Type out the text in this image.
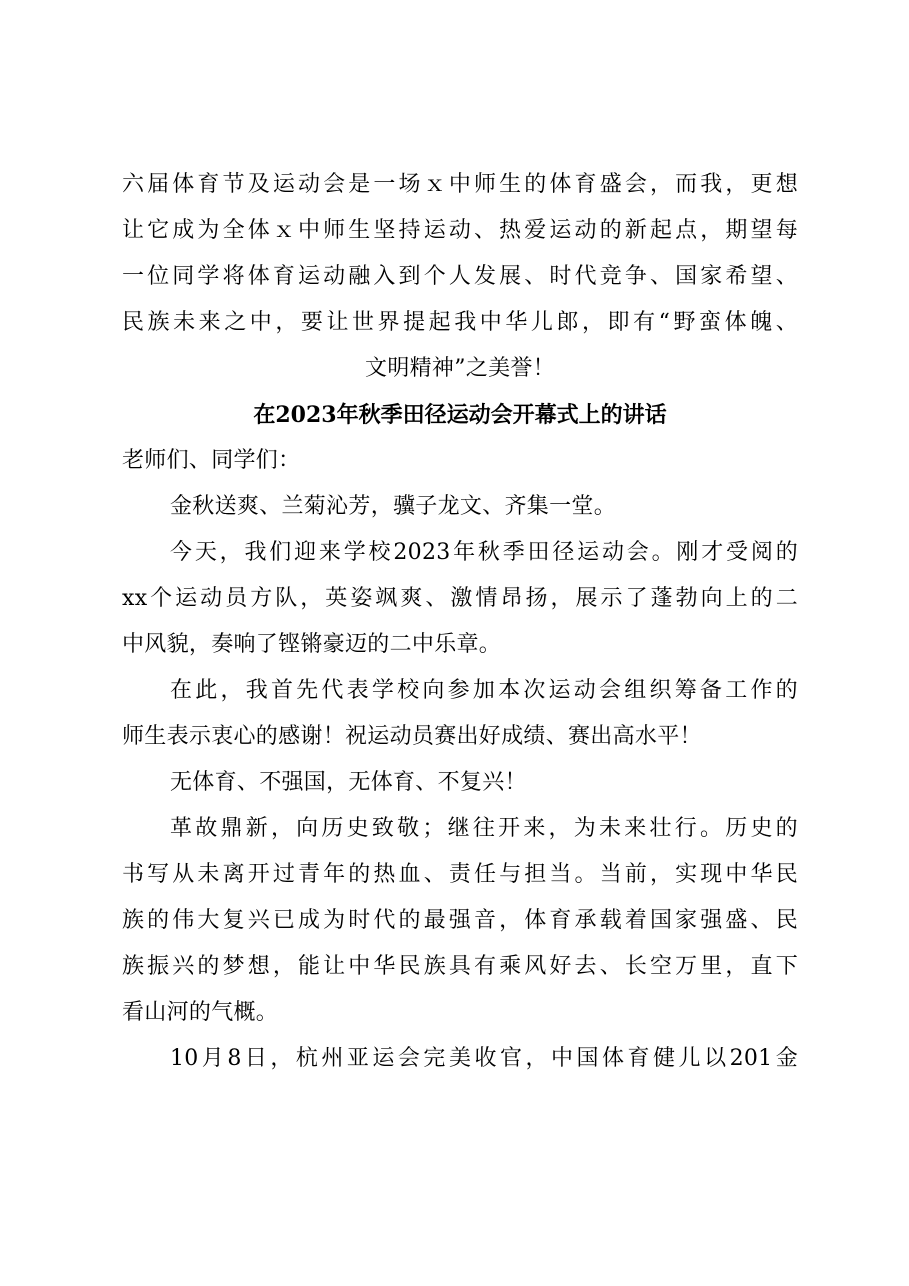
六届体育节及运动会是一场ｘ中师生的体育盛会，而我，更想
让它成为全体ｘ中师生坚持运动、热爱运动的新起点，期望每
一位同学将体育运动融入到个人发展、时代竞争、国家希望、
民族未来之中，要让世界提起我中华儿郎，即有“野蛮体魄、
文明精神”之美誉！
在2023年秋季田径运动会开幕式上的讲话
老师们、同学们：
金秋送爽、兰菊沁芳，骥子龙文、齐集一堂。
今天，我们迎来学校2023年秋季田径运动会。刚才受阅的
xx个运动员方队，英姿飒爽、激情昂扬，展示了蓬勃向上的二
中风貌，奏响了铿锵豪迈的二中乐章。
在此，我首先代表学校向参加本次运动会组织筹备工作的
师生表示衷心的感谢！祝运动员赛出好成绩、赛出高水平！
无体育、不强国，无体育、不复兴！
革故鼎新，向历史致敬；继往开来，为未来壮行。历史的
书写从未离开过青年的热血、责任与担当。当前，实现中华民
族的伟大复兴已成为时代的最强音，体育承载着国家强盛、民
族振兴的梦想，能让中华民族具有乘风好去、长空万里，直下
看山河的气概。
10月8日，杭州亚运会完美收官，中国体育健儿以201金
